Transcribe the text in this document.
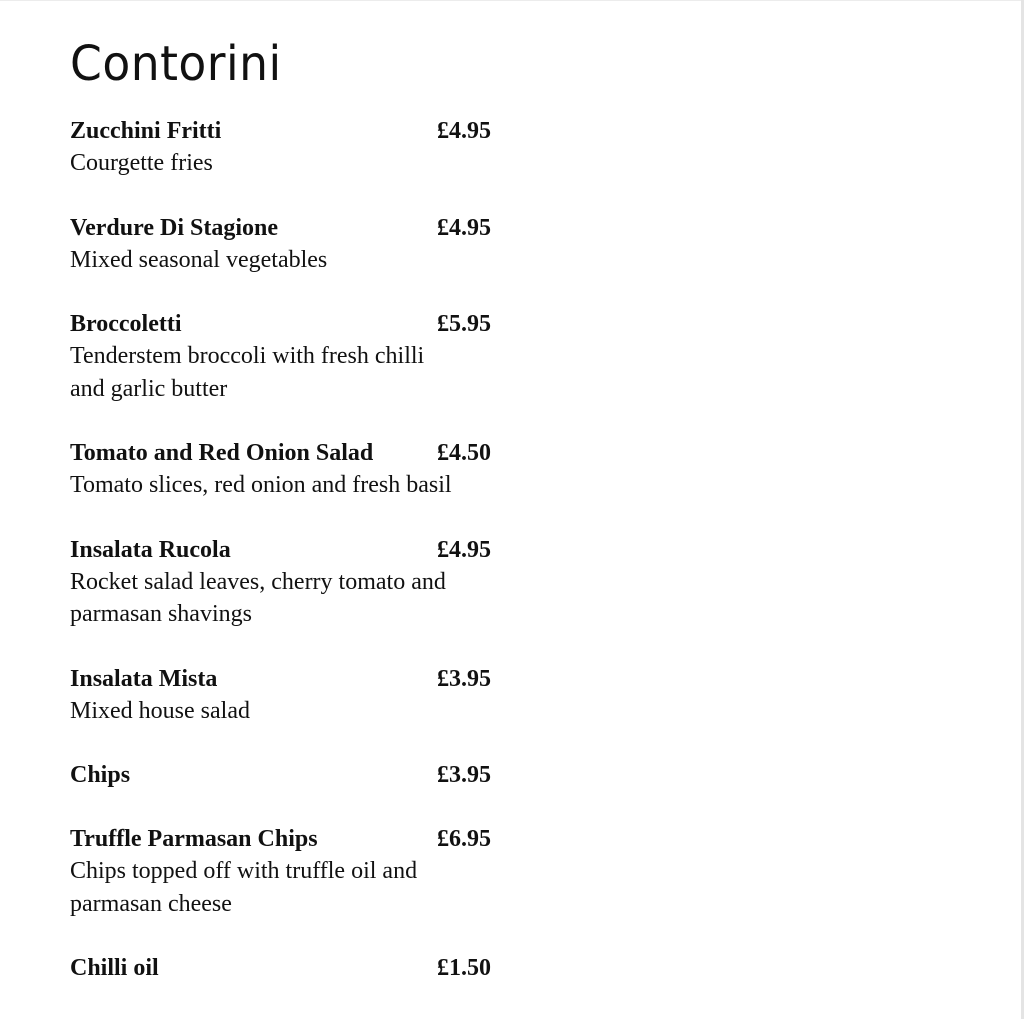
Contorini
Zucchini Fritti	£4.95
Courgette fries
Verdure Di Stagione	£4.95
Mixed seasonal vegetables
Broccoletti	£5.95
Tenderstem broccoli with fresh chilli
and garlic butter
Tomato and Red Onion Salad	£4.50
Tomato slices, red onion and fresh basil
Insalata Rucola	£4.95
Rocket salad leaves, cherry tomato and
parmasan shavings
Insalata Mista	£3.95
Mixed house salad
Chips	£3.95
Truffle Parmasan Chips	£6.95
Chips topped off with truffle oil and
parmasan cheese
Chilli oil	£1.50
